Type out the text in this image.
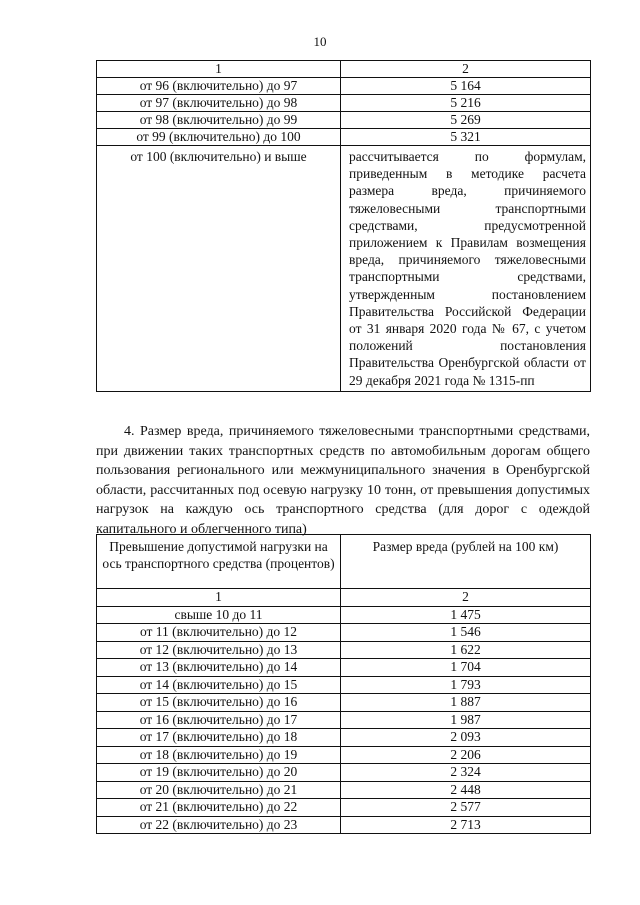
10
1	2
от 96 (включительно) до 97	5 164
от 97 (включительно) до 98	5 216
от 98 (включительно) до 99	5 269
от 99 (включительно) до 100	5 321
от 100 (включительно) и выше	рассчитывается по формулам, приведенным в методике расчета размера вреда, причиняемого тяжеловесными транспортными средствами, предусмотренной приложением к Правилам возмещения вреда, причиняемого тяжеловесными транспортными средствами, утвержденным постановлением Правительства Российской Федерации от 31 января 2020 года № 67, с учетом положений постановления Правительства Оренбургской области от 29 декабря 2021 года № 1315-пп

4. Размер вреда, причиняемого тяжеловесными транспортными средствами, при движении таких транспортных средств по автомобильным дорогам общего пользования регионального или межмуниципального значения в Оренбургской области, рассчитанных под осевую нагрузку 10 тонн, от превышения допустимых нагрузок на каждую ось транспортного средства (для дорог с одеждой капитального и облегченного типа)

Превышение допустимой нагрузки на ось транспортного средства (процентов)	Размер вреда (рублей на 100 км)
1	2
свыше 10 до 11	1 475
от 11 (включительно) до 12	1 546
от 12 (включительно) до 13	1 622
от 13 (включительно) до 14	1 704
от 14 (включительно) до 15	1 793
от 15 (включительно) до 16	1 887
от 16 (включительно) до 17	1 987
от 17 (включительно) до 18	2 093
от 18 (включительно) до 19	2 206
от 19 (включительно) до 20	2 324
от 20 (включительно) до 21	2 448
от 21 (включительно) до 22	2 577
от 22 (включительно) до 23	2 713
